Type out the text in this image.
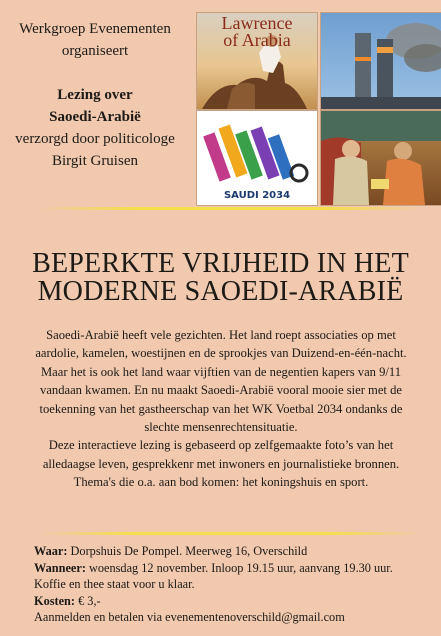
Werkgroep Evenementen
organiseert
Lezing over
Saoedi-Arabië
verzorgd door politicologe
Birgit Gruisen
Lawrence
of Arabia
SAUDI 2034
BEPERKTE VRIJHEID IN HET
MODERNE SAOEDI-ARABIË
Saoedi-Arabië heeft vele gezichten. Het land roept associaties op met
aardolie, kamelen, woestijnen en de sprookjes van Duizend-en-één-nacht.
Maar het is ook het land waar vijftien van de negentien kapers van 9/11
vandaan kwamen. En nu maakt Saoedi-Arabië vooral mooie sier met de
toekenning van het gastheerschap van het WK Voetbal 2034 ondanks de
slechte mensenrechtensituatie.
Deze interactieve lezing is gebaseerd op zelfgemaakte foto’s van het
alledaagse leven, gesprekkenr met inwoners en journalistieke bronnen.
Thema's die o.a. aan bod komen: het koningshuis en sport.
Waar: Dorpshuis De Pompel. Meerweg 16, Overschild
Wanneer: woensdag 12 november. Inloop 19.15 uur, aanvang 19.30 uur.
Koffie en thee staat voor u klaar.
Kosten: € 3,-
Aanmelden en betalen via evenementenoverschild@gmail.com
